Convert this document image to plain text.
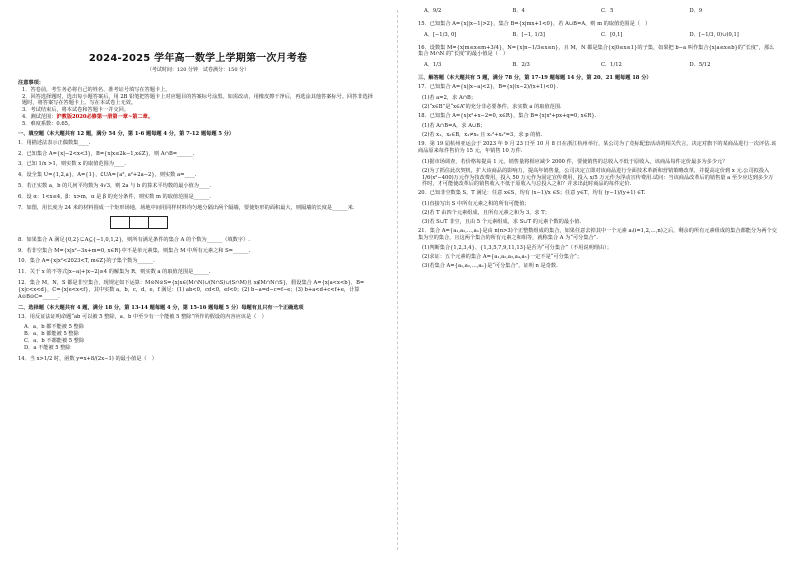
2024-2025 学年高一数学上学期第一次月考卷
（考试时间：120 分钟　试卷满分：150 分）
注意事项：
1．答卷前，考生务必将自己的姓名、准考证号填写在答题卡上。
2．回答选择题时，选出每小题答案后，用 2B 铅笔把答题卡上对应题目的答案标号涂黑。如需改动，用橡皮擦干净后，再选涂其他答案标号。回答非选择题时，将答案写在答题卡上。写在本试卷上无效。
3．考试结束后，将本试卷和答题卡一并交回。
4．测试范围：沪教版2020必修第一册第一章~第二章。
5．难度系数：0.65。
一、填空题（本大题共有 12 题，满分 54 分，第 1-6 题每题 4 分，第 7-12 题每题 5 分）
1．用描述法表示正偶数集____.
2．已知集合 A={x|−2<x<3}，B={x|x≤2k−1,x∈Z}，则 A∩B=______.
3．已知 1/x >1，则实数 x 的取值范围为____.
4．设全集 U={1,2,a}，A={1}，∁UA={a², a²+2a−2}，则实数 a=____.
5．若正实数 a，b 的几何平均数为 4√3，则 2a 与 b 的算术平均数的最小值为____.
6．设 α：1<x≤4，β：x>m，α 是 β 的充分条件，则实数 m 的取值范围是______.
7．如图，用长度为 24 米的材料围成一个矩形场地，场地中间用同样材料均匀地分隔出两个隔墙，要使矩形的面积最大，则隔墙的长度是______米.
8．如果集合 A 满足{0,2}⊊A⊆{−1,0,1,2}，则所有满足条件的集合 A 的个数为______（填数字）.
9．若非空集合 M={x|x²−3x+m=0, x∈R}中不是单元素集，则集合 M 中所有元素之和 S=______.
10．集合 A={x|x²<2023<T, m∈Z}的子集个数为______.
11．关于 x 的不等式|x−a|+|x−2|≥4 的解集为 R，则实数 a 的取值范围是______.
12．集合 M，N，S 都是非空集合，现规定如下运算：M⊙N⊙S={x|x∈(M∩N)∪(N∩S)∪(S∩M)且 x∉M∩N∩S}，假设集合 A={x|a<x<b}，B={x|c<x<d}，C={x|e<x<f}，其中实数 a，b，c，d，e，f 满足：(1) ab<0，cd<0，ef<0；(2) b−a=d−c=f−e；(3) b+a<d+c<f+e，计算 A⊙B⊙C=______.
二、选择题（本大题共有 4 题，满分 18 分，第 13-14 题每题 4 分，第 15-16 题每题 5 分）每题有且只有一个正确选项
13．用反证法证明命题“ab 可以被 5 整除，a、b 中至少有一个能被 5 整除”所作的假设的内容应该是（　）
A．a、b 都不能被 5 整除
B．a、b 都能被 5 整除
C．a、b 不都能被 5 整除
D．a 不能被 5 整除
14．当 x>1/2 时，函数 y=x+8/(2x−1) 的最小值是（　）
A．9/2	B．4	C．5	D．9
15．已知集合 A={x||x−1|>2}，集合 B={x|mx+1<0}，若 A∪B=A，则 m 的取值范围是（　）
A．[−1/3, 0]	B．[−1, 1/3]	C．[0,1]	D．[−1/3, 0)∪(0,1]
16．设数集 M={x|m≤x≤m+3/4}，N={x|n−1/3≤x≤n}，且 M，N 都是集合{x|0≤x≤1}的子集，如果把 b−a 叫作集合{x|a≤x≤b}的“长度”，那么集合 M∩N 的“长度”的最小值是（　）
A．1/3	B．2/3	C．1/12	D．5/12
三、解答题（本大题共有 5 题，满分 78 分，第 17-19 题每题 14 分，第 20、21 题每题 18 分）
17．已知集合 A={x||x−a|<2}，B={x|(x−2)/(x+1)<0}.
(1)若 a=2，求 A∩B；
(2)“x∈B”是“x∈A”的充分非必要条件，求实数 a 的取值范围.
18．已知集合 A={x|x²+x−2=0, x∈R}，集合 B={x|x²+px+q=0, x∈R}.
(1)若 A∩B=A，求 A∪B；
(2)若 x₁，x₂∈B，x₁≠x₂ 且 x₁²+x₂²=3，求 p 的值.
19．第 19 届杭州亚运会于 2023 年 9 月 23 日至 10 月 8 日在浙江杭州举行，某公司为了竞标配套活动的相关代言，决定对旗下的某商品进行一次评估.该商品原来每件售价为 15 元，年销售 10 万件.
(1)据市场调查，若价格每提高 1 元，销售量将相应减少 2000 件，要使销售的总收入不低于原收入，该商品每件定价最多为多少元？
(2)为了抓住此次契机，扩大该商品的影响力，提高年销售量，公司决定立即对该商品进行全面技术革新和营销策略改革，并提高定价到 x 元.公司拟投入 1/6(x²−400)万元作为技改费用，投入 50 万元作为固定宣传费用，投入 x/5 万元作为浮动宣传费用.试问：当该商品改革后的销售量 a 至少应达到多少万件时，才可能使改革后的销售收入不低于原收入与总投入之和？并求出此时商品的每件定价.
20．已知非空数集 S，T 满足：任意 x∈S，均有 (x−1)/x ∈S；任意 y∈T，均有 (y−1)/(y+1) ∈T.
(1)直接写出 S 中所有元素之积的所有可能值；
(2)若 T 由四个元素组成，且所有元素之和为 3，求 T；
(3)若 S∪T 非空，且由 5 个元素组成，求 S∪T 的元素个数的最小值.
21．集合 A={a₁,a₂,…,aₙ}是由 n(n>3)个正整数组成的集合，如果任意去掉其中一个元素 aᵢ(i=1,2,…,n)之后，剩余的所有元素组成的集合都能分为两个交集为空的集合，且这两个集合的所有元素之和相等，就称集合 A 为“可分集合”.
(1)判断集合{1,2,3,4}、{1,3,5,7,9,11,13}是否为“可分集合”（不用说明理由）；
(2)求证：五个元素的集合 A={a₁,a₂,a₃,a₄,a₅}一定不是“可分集合”；
(3)若集合 A={a₁,a₂,…,aₙ}是“可分集合”，证明 n 是奇数.
